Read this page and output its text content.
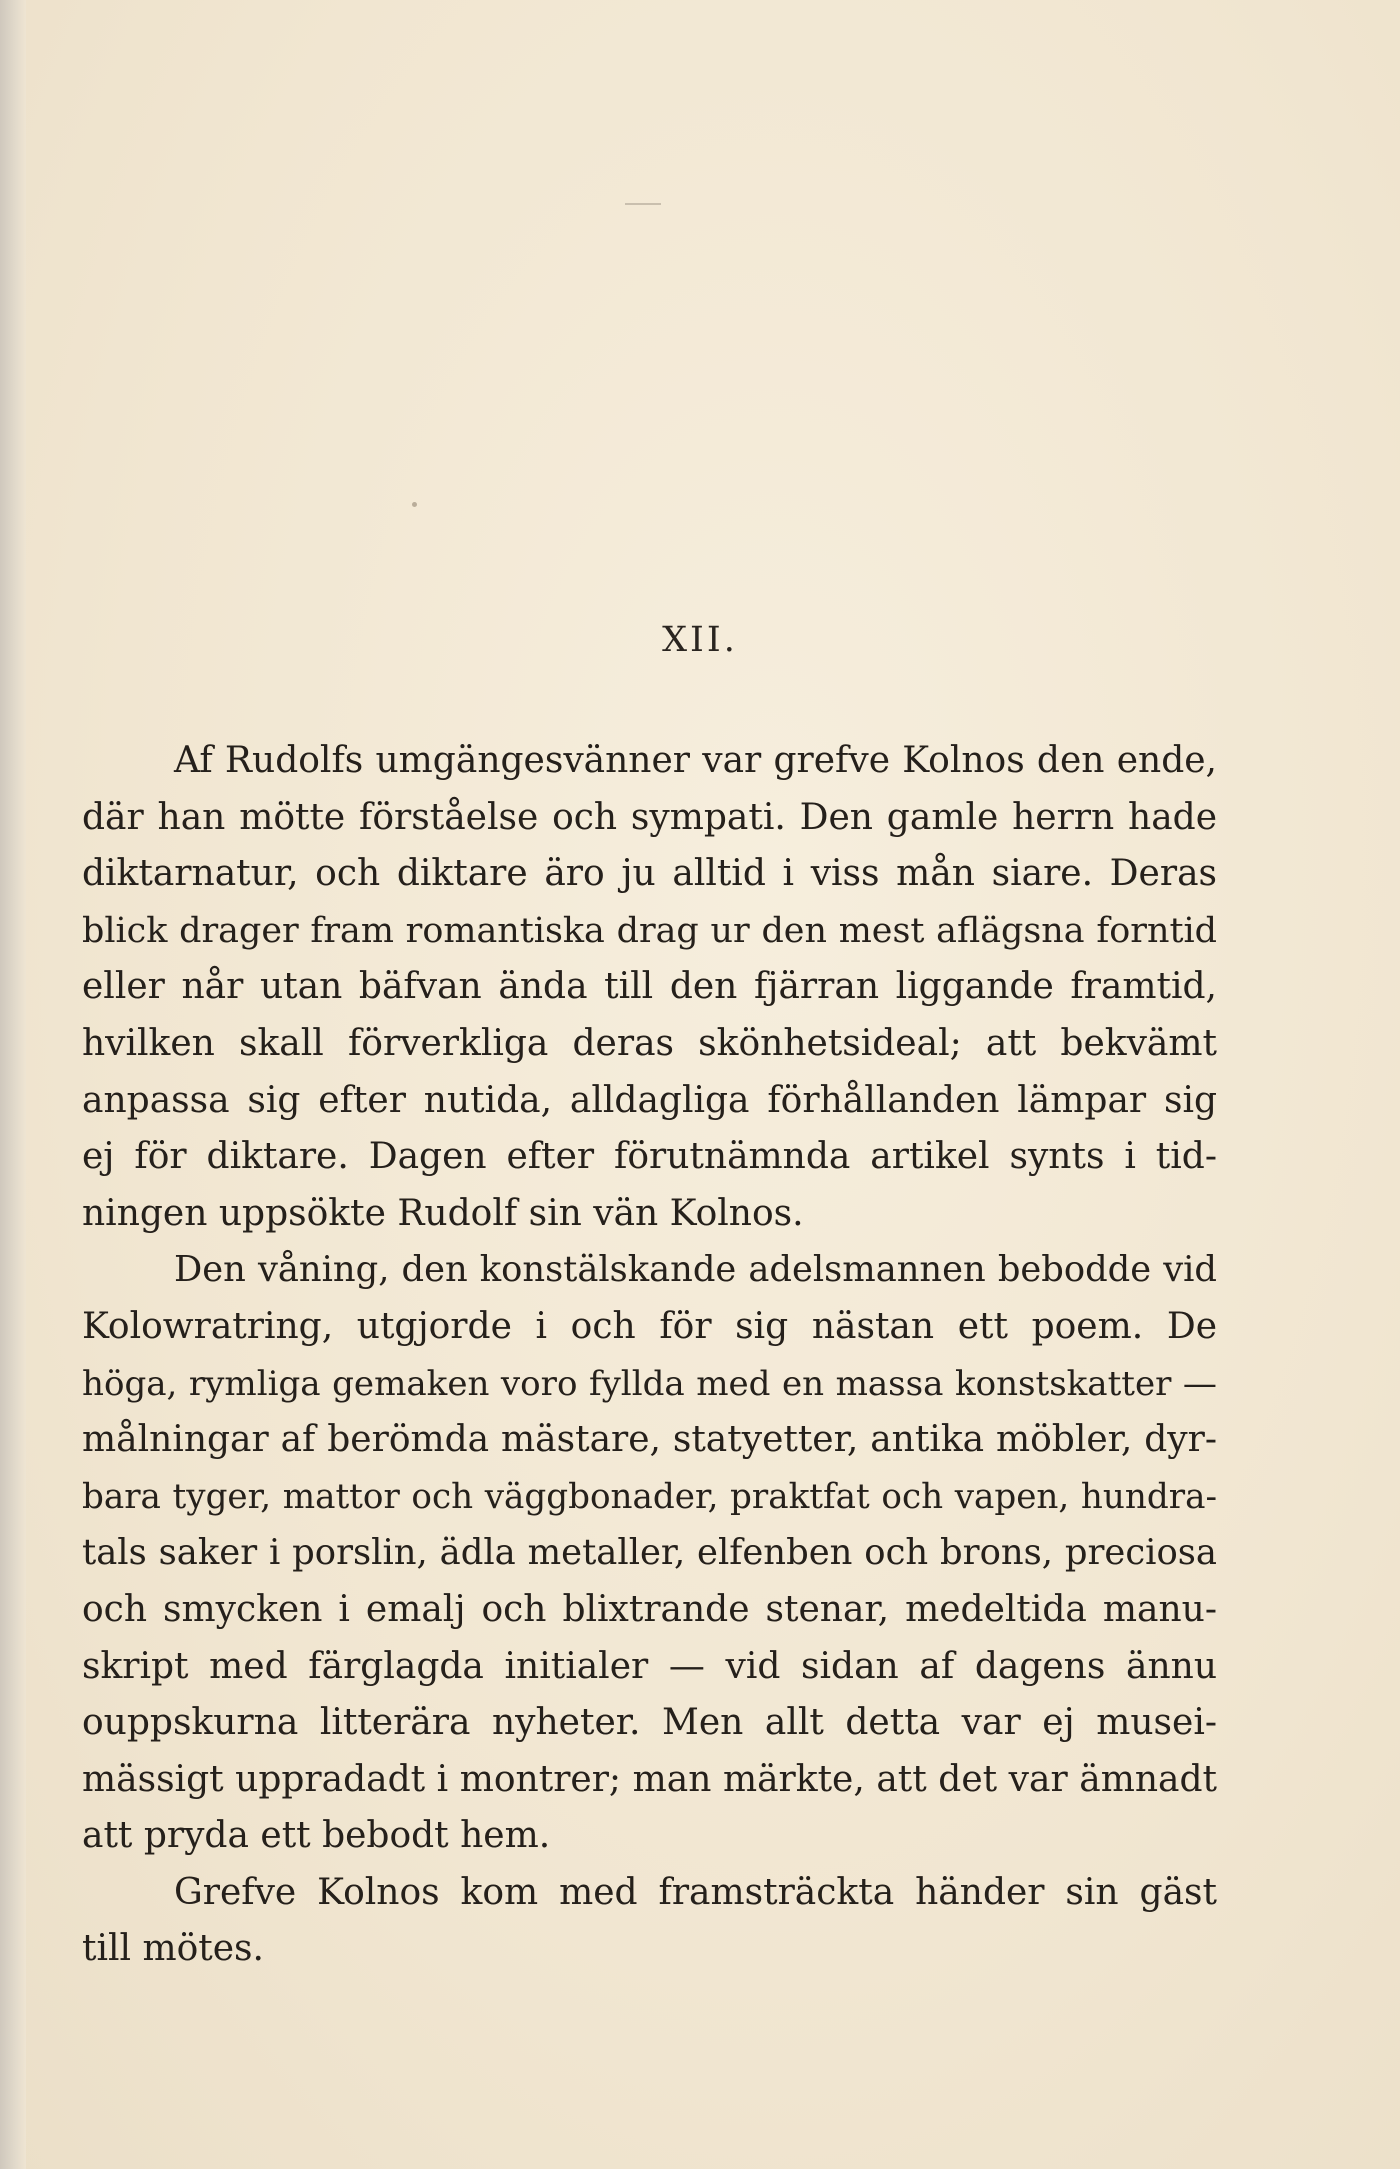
XII.
Af Rudolfs umgängesvänner var grefve Kolnos den ende,
där han mötte förståelse och sympati. Den gamle herrn hade
diktarnatur, och diktare äro ju alltid i viss mån siare. Deras
blick drager fram romantiska drag ur den mest aflägsna forntid
eller når utan bäfvan ända till den fjärran liggande framtid,
hvilken skall förverkliga deras skönhetsideal; att bekvämt
anpassa sig efter nutida, alldagliga förhållanden lämpar sig
ej för diktare. Dagen efter förutnämnda artikel synts i tid-
ningen uppsökte Rudolf sin vän Kolnos.
Den våning, den konstälskande adelsmannen bebodde vid
Kolowratring, utgjorde i och för sig nästan ett poem. De
höga, rymliga gemaken voro fyllda med en massa konstskatter —
målningar af berömda mästare, statyetter, antika möbler, dyr-
bara tyger, mattor och väggbonader, praktfat och vapen, hundra-
tals saker i porslin, ädla metaller, elfenben och brons, preciosa
och smycken i emalj och blixtrande stenar, medeltida manu-
skript med färglagda initialer — vid sidan af dagens ännu
ouppskurna litterära nyheter. Men allt detta var ej musei-
mässigt uppradadt i montrer; man märkte, att det var ämnadt
att pryda ett bebodt hem.
Grefve Kolnos kom med framsträckta händer sin gäst
till mötes.
